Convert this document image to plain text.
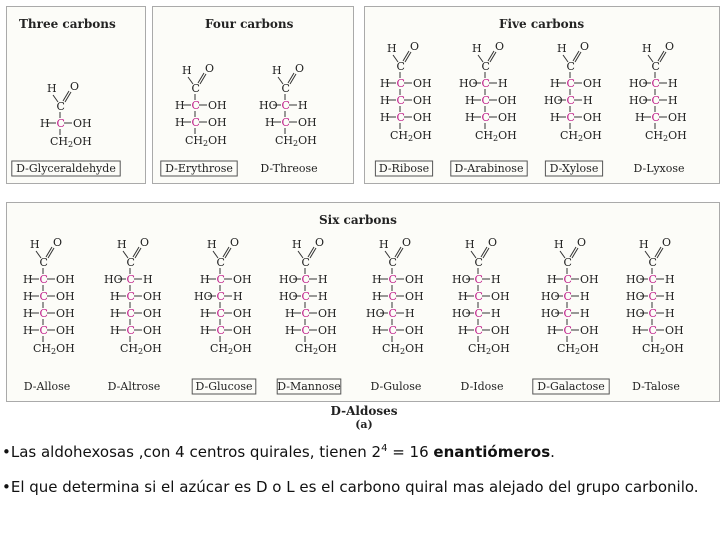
Three carbons	Four carbons	Five carbons
Six carbons
H O
C
H C OH
CH2OH
D-Glyceraldehyde
H O
C
H C OH
H C OH
CH2OH
D-Erythrose
H O
C
HO C H
H C OH
CH2OH
D-Threose
H O
C
H C OH
H C OH
H C OH
CH2OH
D-Ribose
H O
C
HO C H
H C OH
H C OH
CH2OH
D-Arabinose
H O
C
H C OH
HO C H
H C OH
CH2OH
D-Xylose
H O
C
HO C H
HO C H
H C OH
CH2OH
D-Lyxose
H O
C
H C OH
H C OH
H C OH
H C OH
CH2OH
D-Allose
H O
C
HO C H
H C OH
H C OH
H C OH
CH2OH
D-Altrose
H O
C
H C OH
HO C H
H C OH
H C OH
CH2OH
D-Glucose
H O
C
HO C H
HO C H
H C OH
H C OH
CH2OH
D-Mannose
H O
C
H C OH
H C OH
HO C H
H C OH
CH2OH
D-Gulose
H O
C
HO C H
H C OH
HO C H
H C OH
CH2OH
D-Idose
H O
C
H C OH
HO C H
HO C H
H C OH
CH2OH
D-Galactose
H O
C
HO C H
HO C H
HO C H
H C OH
CH2OH
D-Talose
D-Aldoses
(a)

•Las aldohexosas ,con 4 centros quirales, tienen $2^4 = 16$ enantiómeros.

•El que determina si el azúcar es D o L es el carbono quiral mas alejado del grupo carbonilo.
